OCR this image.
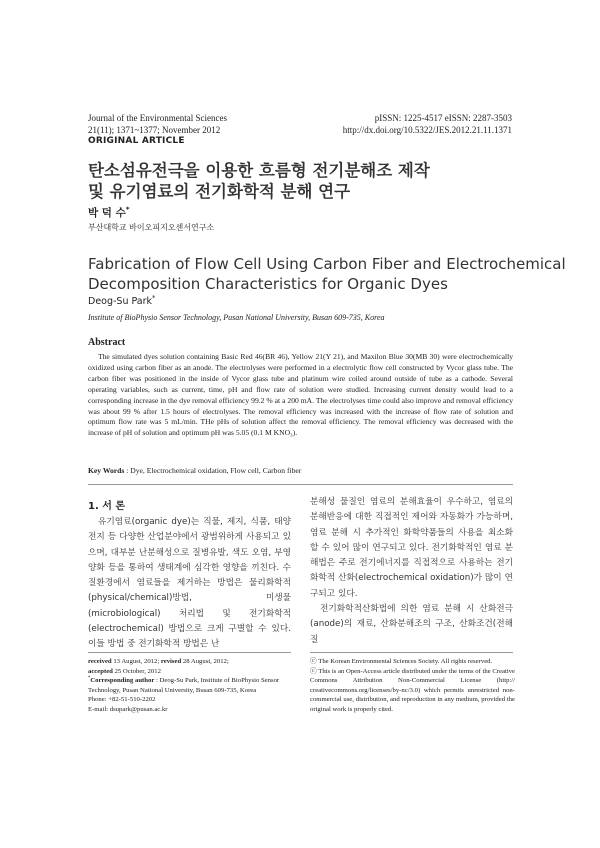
Journal of the Environmental Sciences
21(11); 1371~1377; November 2012
pISSN: 1225-4517 eISSN: 2287-3503
http://dx.doi.org/10.5322/JES.2012.21.11.1371
ORIGINAL ARTICLE
탄소섬유전극을 이용한 흐름형 전기분해조 제작
및 유기염료의 전기화학적 분해 연구
박 덕 수*
부산대학교 바이오피지오센서연구소
Fabrication of Flow Cell Using Carbon Fiber and Electrochemical
Decomposition Characteristics for Organic Dyes
Deog-Su Park*
Institute of BioPhysio Sensor Technology, Pusan National University, Busan 609-735, Korea
Abstract
The simulated dyes solution containing Basic Red 46(BR 46), Yellow 21(Y 21), and Maxilon Blue 30(MB 30) were electrochemically oxidized using carbon fiber as an anode. The electrolyses were performed in a electrolytic flow cell constructed by Vycor glass tube. The carbon fiber was positioned in the inside of Vycor glass tube and platinum wire coiled around outside of tube as a cathode. Several operating variables, such as current, time, pH and flow rate of solution were studied. Increasing current density would lead to a corresponding increase in the dye removal efficiency 99.2 % at a 200 mA. The electrolyses time could also improve and removal efficiency was about 99 % after 1.5 hours of electrolyses. The removal efficiency was increased with the increase of flow rate of solution and optimum flow rate was 5 mL/min. THe pHs of solution affect the removal efficiency. The removal efficiency was decreased with the increase of pH of solution and optimum pH was 5.05 (0.1 M KNO₃).
Key Words : Dye, Electrochemical oxidation, Flow cell, Carbon fiber
1. 서 론
유기염료(organic dye)는 직물, 제지, 식품, 태양전지 등 다양한 산업분야에서 광범위하게 사용되고 있으며, 대부분 난분해성으로 질병유발, 색도 오염, 부영양화 등을 통하여 생태계에 심각한 영향을 끼친다. 수질환경에서 염료들을 제거하는 방법은 물리화학적(physical/chemical)방법, 미생물(microbiological) 처리법 및 전기화학적(electrochemical) 방법으로 크게 구별할 수 있다. 이들 방법 중 전기화학적 방법은 난

분해성 물질인 염료의 분해효율이 우수하고, 염료의 분해반응에 대한 직접적인 제어와 자동화가 가능하며, 염료 분해 시 추가적인 화학약품들의 사용을 최소화 할 수 있어 많이 연구되고 있다. 전기화학적인 염료 분해법은 주로 전기에너지를 직접적으로 사용하는 전기화학적 산화(electrochemical oxidation)가 많이 연구되고 있다.

전기화학적산화법에 의한 염료 분해 시 산화전극(anode)의 재료, 산화분해조의 구조, 산화조건(전해질

received 13 August, 2012; revised 28 August, 2012;
accepted 25 October, 2012
*Corresponding author : Deog-Su Park, Institute of BioPhysio Sensor Technology, Pusan National University, Busan 609-735, Korea
Phone: +82-51-510-2202
E-mail: dsupark@pusan.ac.kr
ⓒ The Korean Environmental Sciences Society. All rights reserved.
ⓒ This is an Open-Access article distributed under the terms of the Creative Commons Attribution Non-Commercial License (http:// creativecommons.org/licenses/by-nc/3.0) which permits unrestricted non-commercial use, distribution, and reproduction in any medium, provided the original work is properly cited.
